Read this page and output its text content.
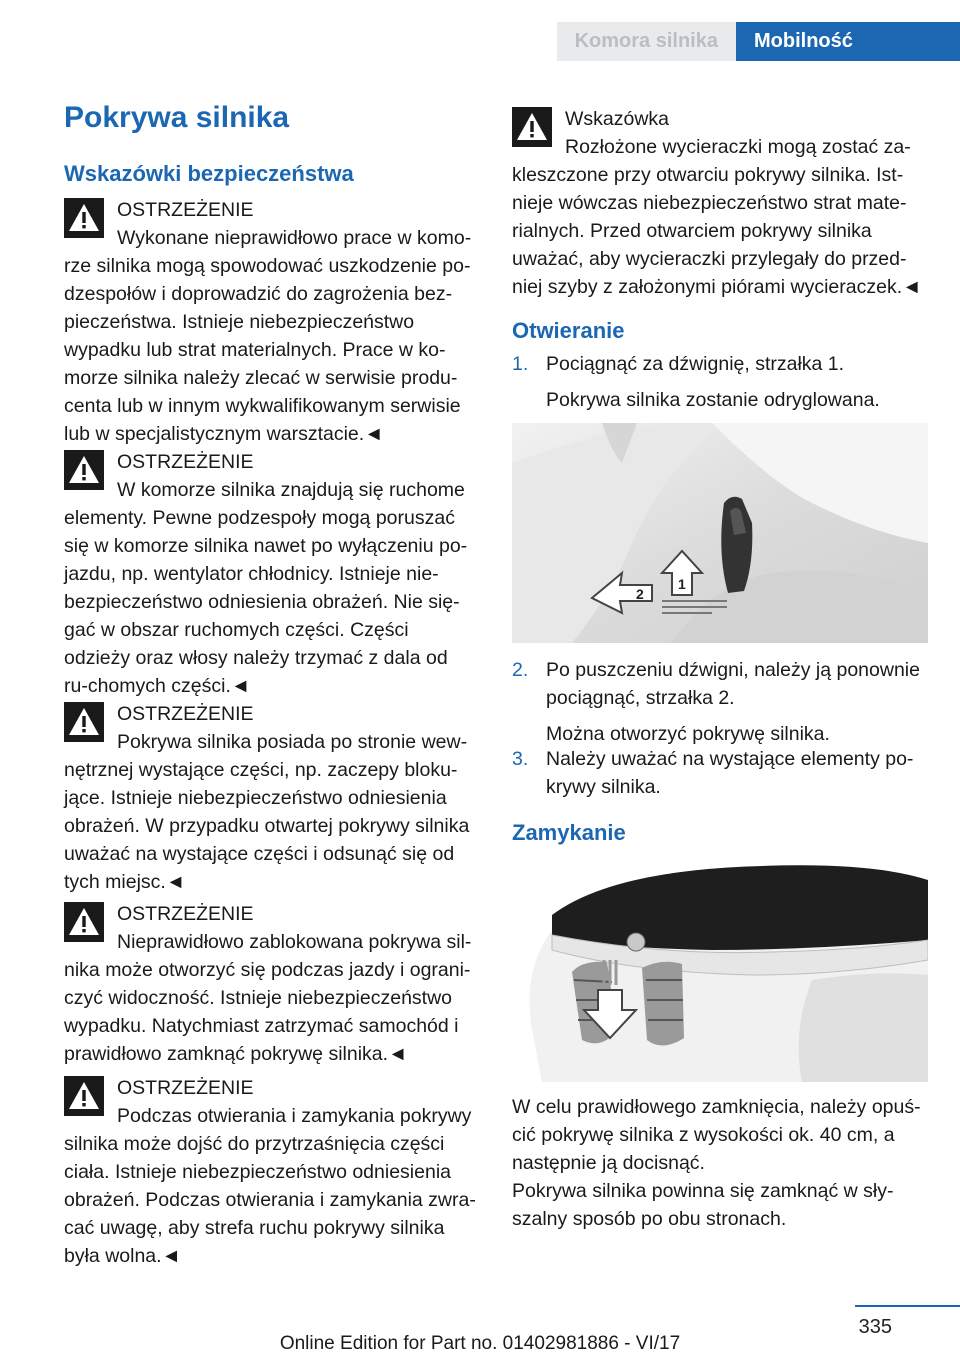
Komora silnika	Mobilność
Pokrywa silnika
Wskazówki bezpieczeństwa
OSTRZEŻENIE
Wykonane nieprawidłowo prace w komo-
rze silnika mogą spowodować uszkodzenie po-dzespołów i doprowadzić do zagrożenia bez-pieczeństwa. Istnieje niebezpieczeństwo wypadku lub strat materialnych. Prace w ko-morze silnika należy zlecać w serwisie produ-centa lub w innym wykwalifikowanym serwisie lub w specjalistycznym warsztacie.◄
OSTRZEŻENIE
W komorze silnika znajdują się ruchome
elementy. Pewne podzespoły mogą poruszać się w komorze silnika nawet po wyłączeniu po-jazdu, np. wentylator chłodnicy. Istnieje nie-bezpieczeństwo odniesienia obrażeń. Nie się-gać w obszar ruchomych części. Części odzieży oraz włosy należy trzymać z dala od ru-chomych części.◄
OSTRZEŻENIE
Pokrywa silnika posiada po stronie wew-
nętrznej wystające części, np. zaczepy bloku-jące. Istnieje niebezpieczeństwo odniesienia obrażeń. W przypadku otwartej pokrywy silnika uważać na wystające części i odsunąć się od tych miejsc.◄
OSTRZEŻENIE
Nieprawidłowo zablokowana pokrywa sil-
nika może otworzyć się podczas jazdy i ograni-czyć widoczność. Istnieje niebezpieczeństwo wypadku. Natychmiast zatrzymać samochód i prawidłowo zamknąć pokrywę silnika.◄
OSTRZEŻENIE
Podczas otwierania i zamykania pokrywy
silnika może dojść do przytrzaśnięcia części ciała. Istnieje niebezpieczeństwo odniesienia obrażeń. Podczas otwierania i zamykania zwra-cać uwagę, aby strefa ruchu pokrywy silnika była wolna.◄
Wskazówka
Rozłożone wycieraczki mogą zostać za-
kleszczone przy otwarciu pokrywy silnika. Ist-nieje wówczas niebezpieczeństwo strat mate-rialnych. Przed otwarciem pokrywy silnika uważać, aby wycieraczki przylegały do przed-niej szyby z założonymi piórami wycieraczek.◄
Otwieranie
1. Pociągnąć za dźwignię, strzałka 1.
Pokrywa silnika zostanie odryglowana.
2
1
2. Po puszczeniu dźwigni, należy ją ponownie pociągnąć, strzałka 2.
Można otworzyć pokrywę silnika.
3. Należy uważać na wystające elementy po-krywy silnika.
Zamykanie
W celu prawidłowego zamknięcia, należy opuś-cić pokrywę silnika z wysokości ok. 40 cm, a następnie ją docisnąć.
Pokrywa silnika powinna się zamknąć w sły-szalny sposób po obu stronach.
335
Online Edition for Part no. 01402981886 - VI/17
